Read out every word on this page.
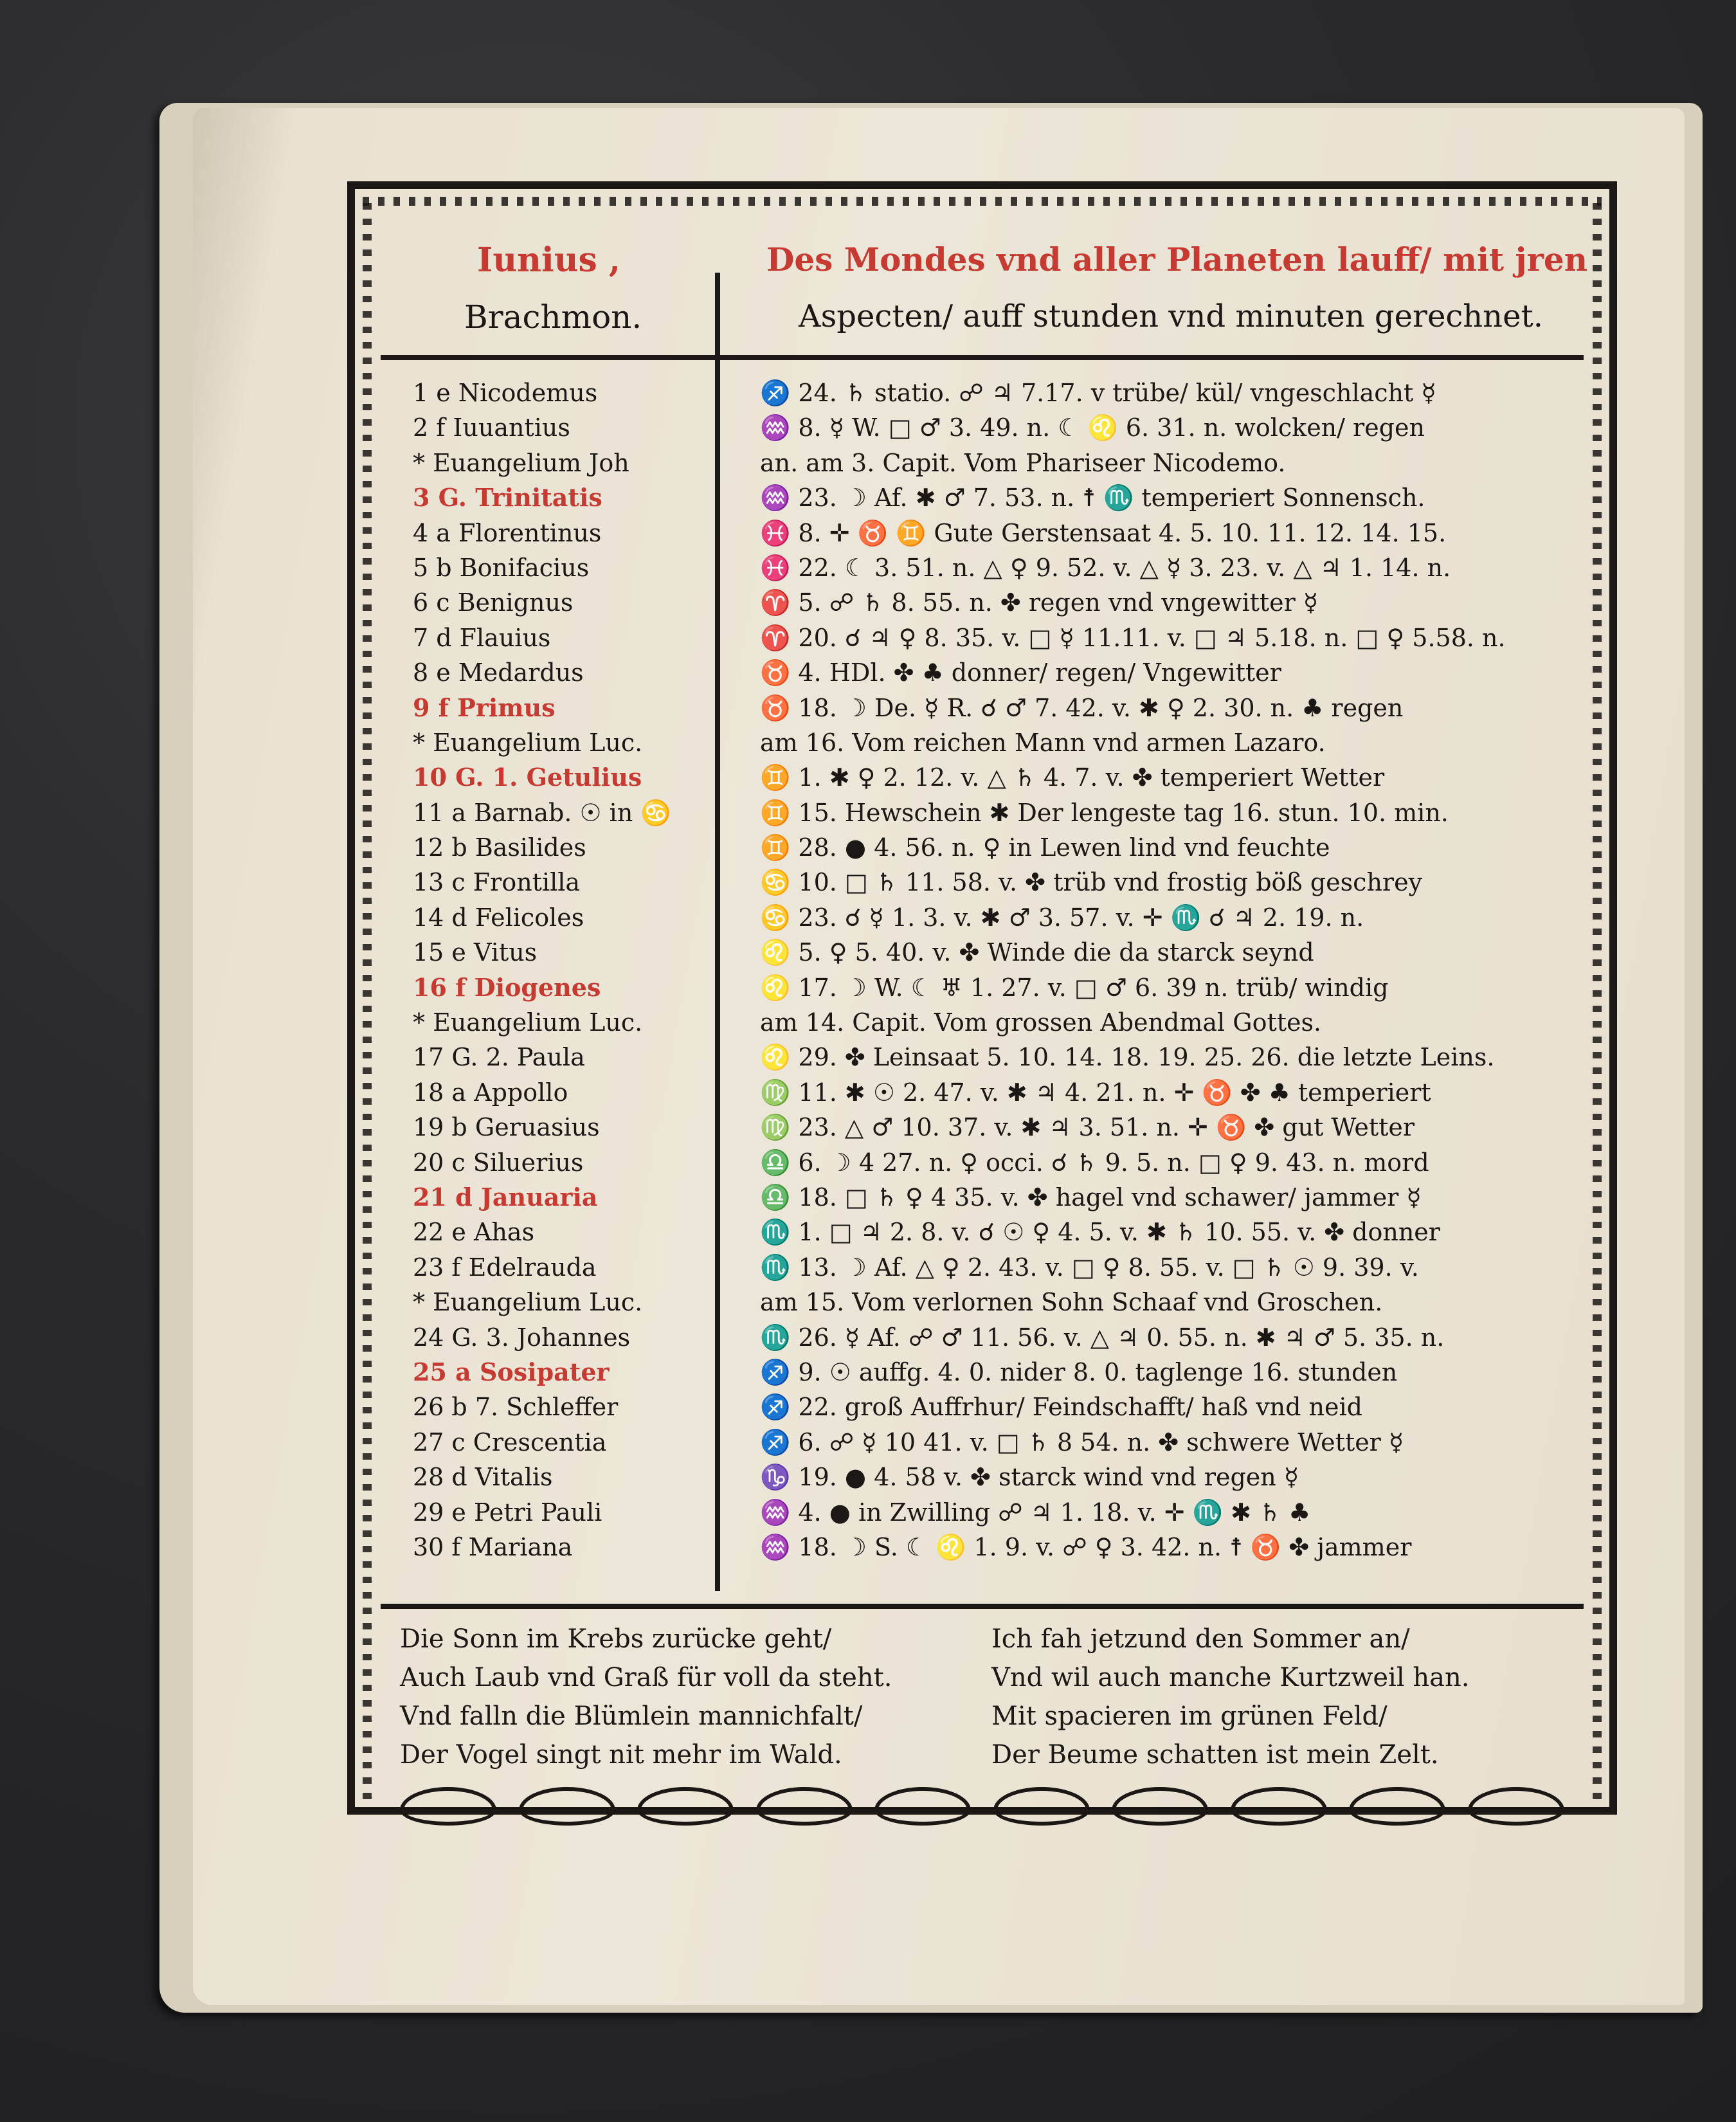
Iunius ,
Brachmon.
Des Mondes vnd aller Planeten lauff/ mit jren
Aspecten/ auff stunden vnd minuten gerechnet.
1 e Nicodemus	♐ 24. ♄ statio. ☍ ♃ 7.17. v trübe/ kül/ vngeschlacht ☿
2 f Iuuantius	♒ 8. ☿ W. □ ♂ 3. 49. n. ☾ ♌ 6. 31. n. wolcken/ regen
* Euangelium Joh	an. am 3. Capit. Vom Phariseer Nicodemo.
3 G. Trinitatis	♒ 23. ☽ Af. ✱ ♂ 7. 53. n. ☨ ♏ temperiert Sonnensch.
4 a Florentinus	♓ 8. ✛ ♉ ♊ Gute Gerstensaat 4. 5. 10. 11. 12. 14. 15.
5 b Bonifacius	♓ 22. ☾ 3. 51. n. △ ♀ 9. 52. v. △ ☿ 3. 23. v. △ ♃ 1. 14. n.
6 c Benignus	♈ 5. ☍ ♄ 8. 55. n. ✤ regen vnd vngewitter ☿
7 d Flauius	♈ 20. ☌ ♃ ♀ 8. 35. v. □ ☿ 11.11. v. □ ♃ 5.18. n. □ ♀ 5.58. n.
8 e Medardus	♉ 4. HDl. ✤ ♣ donner/ regen/ Vngewitter
9 f Primus	♉ 18. ☽ De. ☿ R. ☌ ♂ 7. 42. v. ✱ ♀ 2. 30. n. ♣ regen
* Euangelium Luc.	am 16. Vom reichen Mann vnd armen Lazaro.
10 G. 1. Getulius	♊ 1. ✱ ♀ 2. 12. v. △ ♄ 4. 7. v. ✤ temperiert Wetter
11 a Barnab. ☉ in ♋	♊ 15. Hewschein ✱ Der lengeste tag 16. stun. 10. min.
12 b Basilides	♊ 28. ● 4. 56. n. ♀ in Lewen lind vnd feuchte
13 c Frontilla	♋ 10. □ ♄ 11. 58. v. ✤ trüb vnd frostig böß geschrey
14 d Felicoles	♋ 23. ☌ ☿ 1. 3. v. ✱ ♂ 3. 57. v. ✛ ♏ ☌ ♃ 2. 19. n.
15 e Vitus	♌ 5. ♀ 5. 40. v. ✤ Winde die da starck seynd
16 f Diogenes	♌ 17. ☽ W. ☾ ♅ 1. 27. v. □ ♂ 6. 39 n. trüb/ windig
* Euangelium Luc.	am 14. Capit. Vom grossen Abendmal Gottes.
17 G. 2. Paula	♌ 29. ✤ Leinsaat 5. 10. 14. 18. 19. 25. 26. die letzte Leins.
18 a Appollo	♍ 11. ✱ ☉ 2. 47. v. ✱ ♃ 4. 21. n. ✛ ♉ ✤ ♣ temperiert
19 b Geruasius	♍ 23. △ ♂ 10. 37. v. ✱ ♃ 3. 51. n. ✛ ♉ ✤ gut Wetter
20 c Siluerius	♎ 6. ☽ 4 27. n. ♀ occi. ☌ ♄ 9. 5. n. □ ♀ 9. 43. n. mord
21 d Januaria	♎ 18. □ ♄ ♀ 4 35. v. ✤ hagel vnd schawer/ jammer ☿
22 e Ahas	♏ 1. □ ♃ 2. 8. v. ☌ ☉ ♀ 4. 5. v. ✱ ♄ 10. 55. v. ✤ donner
23 f Edelrauda	♏ 13. ☽ Af. △ ♀ 2. 43. v. □ ♀ 8. 55. v. □ ♄ ☉ 9. 39. v.
* Euangelium Luc.	am 15. Vom verlornen Sohn Schaaf vnd Groschen.
24 G. 3. Johannes	♏ 26. ☿ Af. ☍ ♂ 11. 56. v. △ ♃ 0. 55. n. ✱ ♃ ♂ 5. 35. n.
25 a Sosipater	♐ 9. ☉ auffg. 4. 0. nider 8. 0. taglenge 16. stunden
26 b 7. Schleffer	♐ 22. groß Auffrhur/ Feindschafft/ haß vnd neid
27 c Crescentia	♐ 6. ☍ ☿ 10 41. v. □ ♄ 8 54. n. ✤ schwere Wetter ☿
28 d Vitalis	♑ 19. ● 4. 58 v. ✤ starck wind vnd regen ☿
29 e Petri Pauli	♒ 4. ● in Zwilling ☍ ♃ 1. 18. v. ✛ ♏ ✱ ♄ ♣
30 f Mariana	♒ 18. ☽ S. ☾ ♌ 1. 9. v. ☍ ♀ 3. 42. n. ☨ ♉ ✤ jammer
Die Sonn im Krebs zurücke geht/	Ich fah jetzund den Sommer an/
Auch Laub vnd Graß für voll da steht.	Vnd wil auch manche Kurtzweil han.
Vnd falln die Blümlein mannichfalt/	Mit spacieren im grünen Feld/
Der Vogel singt nit mehr im Wald.	Der Beume schatten ist mein Zelt.
